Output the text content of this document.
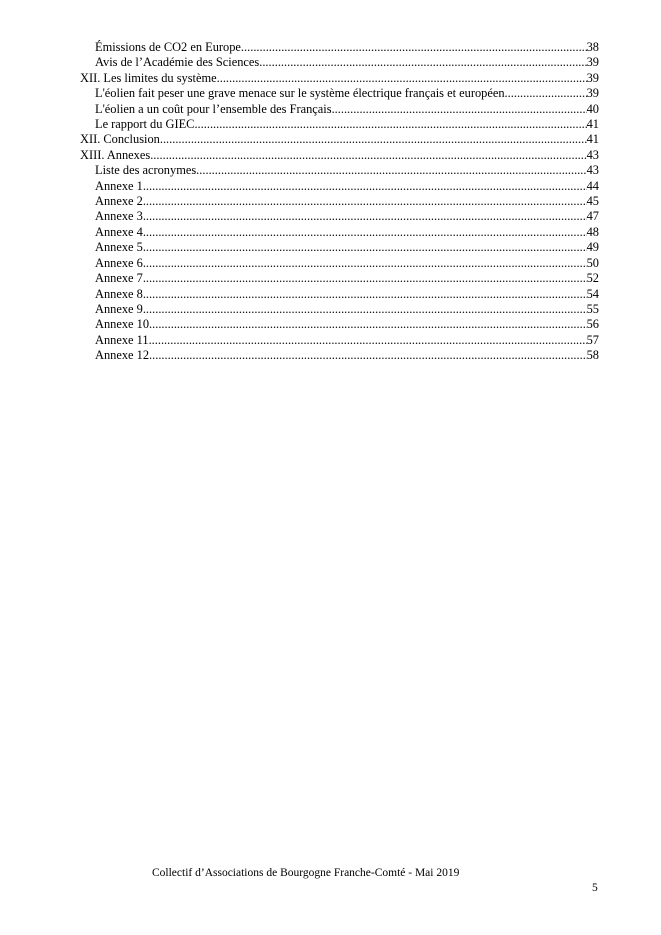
Émissions de CO2 en Europe .....	38
Avis de l’Académie des Sciences .....	39
XII. Les limites du système .....	39
L'éolien fait peser une grave menace sur le système électrique français et européen .....	39
L'éolien a un coût pour l’ensemble des Français .....	40
Le rapport du GIEC .....	41
XII. Conclusion .....	41
XIII. Annexes .....	43
Liste des acronymes .....	43
Annexe 1 .....	44
Annexe 2 .....	45
Annexe 3 .....	47
Annexe 4 .....	48
Annexe 5 .....	49
Annexe 6 .....	50
Annexe 7 .....	52
Annexe 8 .....	54
Annexe 9 .....	55
Annexe 10 .....	56
Annexe 11 .....	57
Annexe 12 .....	58
Collectif d’Associations de Bourgogne Franche-Comté - Mai 2019
5
